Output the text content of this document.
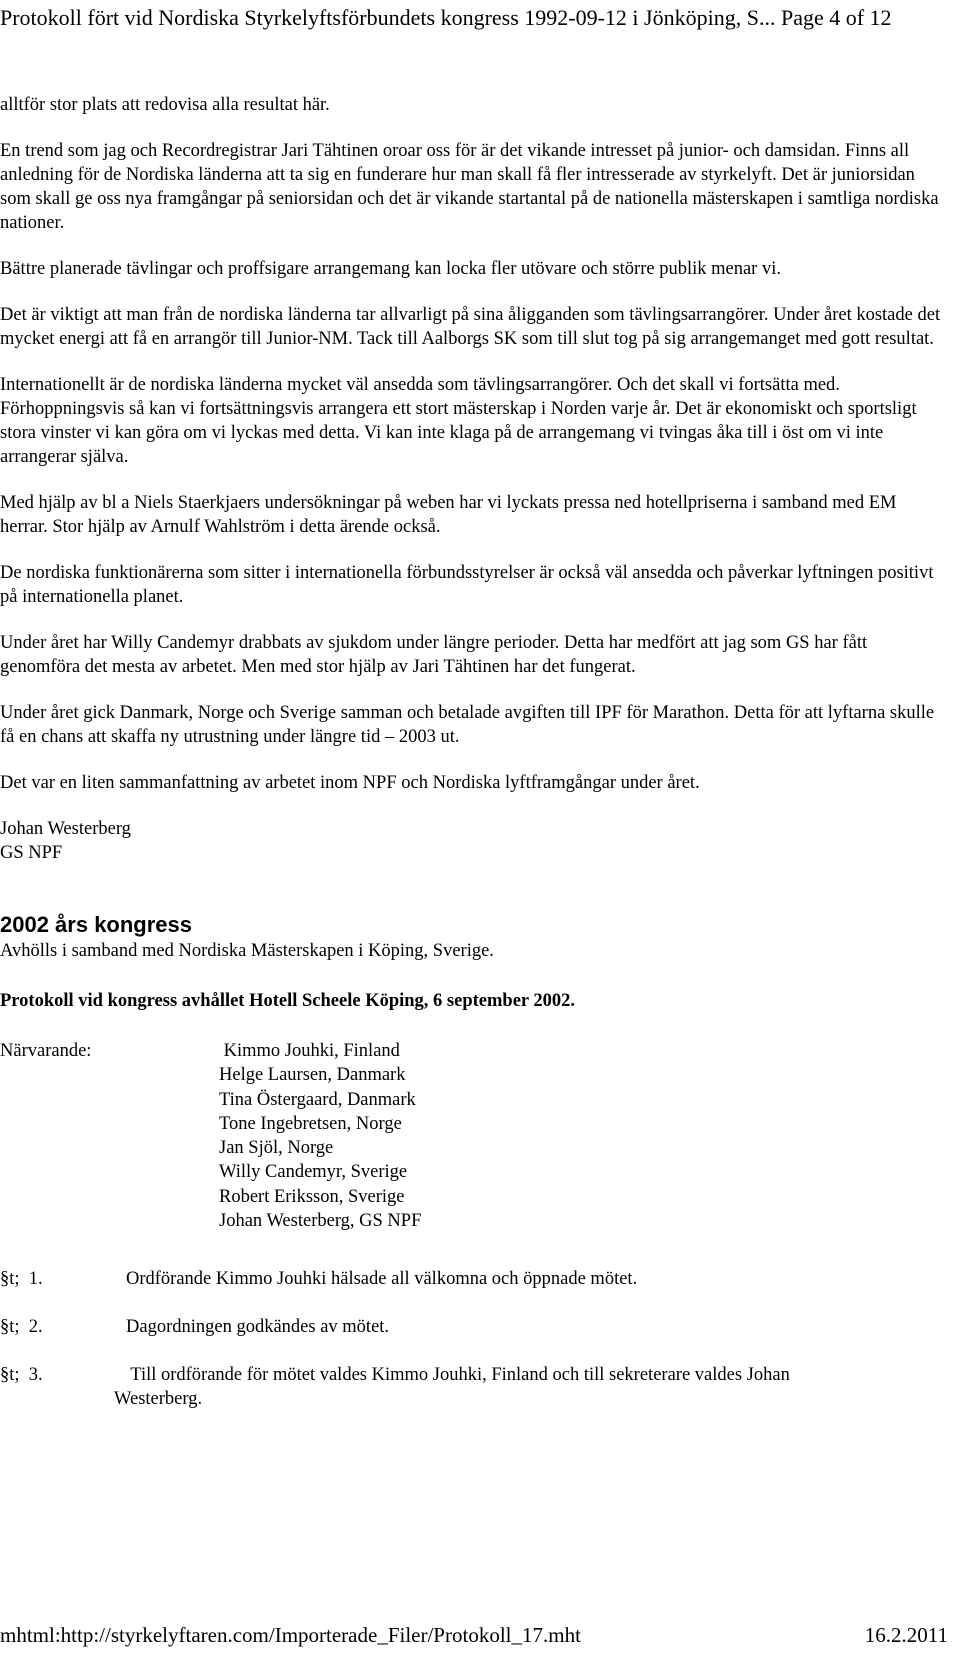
Protokoll fört vid Nordiska Styrkelyftsförbundets kongress 1992-09-12 i Jönköping, S... Page 4 of 12

alltför stor plats att redovisa alla resultat här.

En trend som jag och Recordregistrar Jari Tähtinen oroar oss för är det vikande intresset på junior- och damsidan. Finns all anledning för de Nordiska länderna att ta sig en funderare hur man skall få fler intresserade av styrkelyft. Det är juniorsidan som skall ge oss nya framgångar på seniorsidan och det är vikande startantal på de nationella mästerskapen i samtliga nordiska nationer.

Bättre planerade tävlingar och proffsigare arrangemang kan locka fler utövare och större publik menar vi.

Det är viktigt att man från de nordiska länderna tar allvarligt på sina åligganden som tävlingsarrangörer. Under året kostade det mycket energi att få en arrangör till Junior-NM. Tack till Aalborgs SK som till slut tog på sig arrangemanget med gott resultat.

Internationellt är de nordiska länderna mycket väl ansedda som tävlingsarrangörer. Och det skall vi fortsätta med. Förhoppningsvis så kan vi fortsättningsvis arrangera ett stort mästerskap i Norden varje år. Det är ekonomiskt och sportsligt stora vinster vi kan göra om vi lyckas med detta. Vi kan inte klaga på de arrangemang vi tvingas åka till i öst om vi inte arrangerar själva.

Med hjälp av bl a Niels Staerkjaers undersökningar på weben har vi lyckats pressa ned hotellpriserna i samband med EM herrar. Stor hjälp av Arnulf Wahlström i detta ärende också.

De nordiska funktionärerna som sitter i internationella förbundsstyrelser är också väl ansedda och påverkar lyftningen positivt på internationella planet.

Under året har Willy Candemyr drabbats av sjukdom under längre perioder. Detta har medfört att jag som GS har fått genomföra det mesta av arbetet. Men med stor hjälp av Jari Tähtinen har det fungerat.

Under året gick Danmark, Norge och Sverige samman och betalade avgiften till IPF för Marathon. Detta för att lyftarna skulle få en chans att skaffa ny utrustning under längre tid – 2003 ut.

Det var en liten sammanfattning av arbetet inom NPF och Nordiska lyftframgångar under året.

Johan Westerberg
GS NPF
2002 års kongress

Avhölls i samband med Nordiska Mästerskapen i Köping, Sverige.

Protokoll vid kongress avhållet Hotell Scheele Köping, 6 september 2002.

Närvarande:	Kimmo Jouhki, Finland
Helge Laursen, Danmark
Tina Östergaard, Danmark
Tone Ingebretsen, Norge
Jan Sjöl, Norge
Willy Candemyr, Sverige
Robert Eriksson, Sverige
Johan Westerberg, GS NPF
§t;  1.	Ordförande Kimmo Jouhki hälsade all välkomna och öppnade mötet.
§t;  2.	Dagordningen godkändes av mötet.
§t;  3.	Till ordförande för mötet valdes Kimmo Jouhki, Finland och till sekreterare valdes Johan
Westerberg.
mhtml:http://styrkelyftaren.com/Importerade_Filer/Protokoll_17.mht	16.2.2011
